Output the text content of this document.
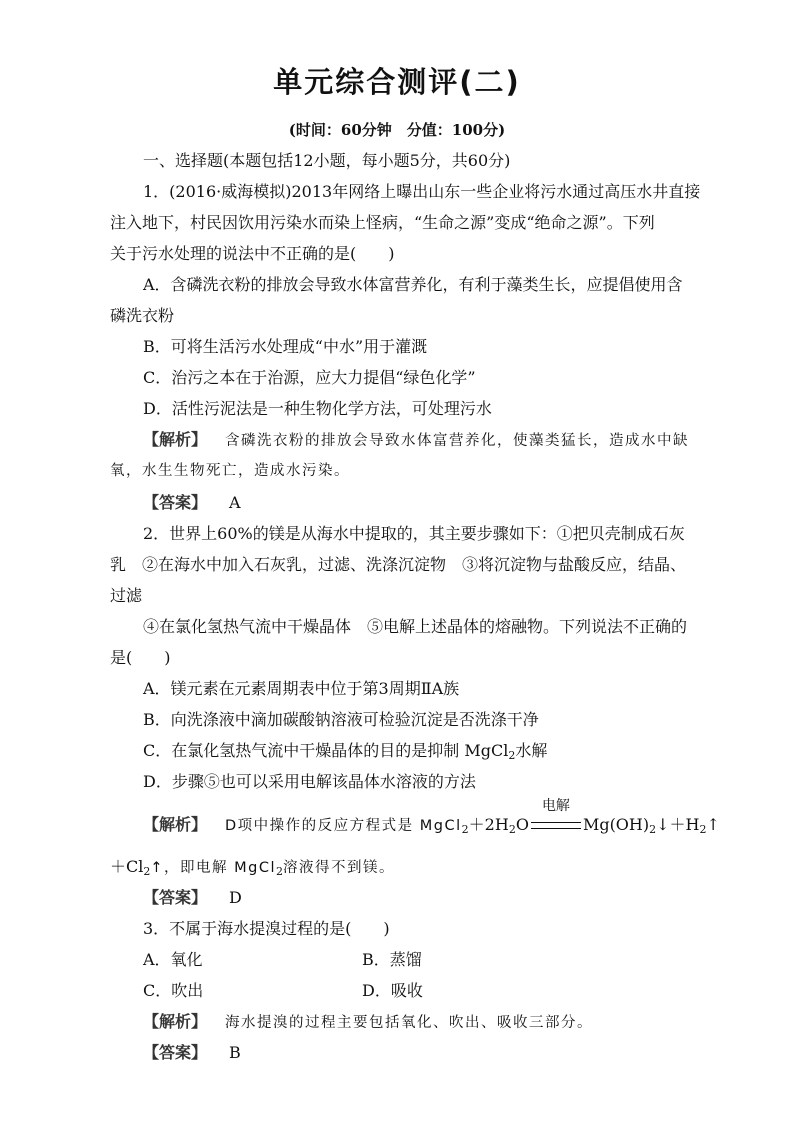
单元综合测评(二)
(时间：60分钟　分值：100分)
一、选择题(本题包括12小题，每小题5分，共60分)
1．(2016·威海模拟)2013年网络上曝出山东一些企业将污水通过高压水井直接
注入地下，村民因饮用污染水而染上怪病，“生命之源”变成“绝命之源”。下列
关于污水处理的说法中不正确的是(　　)
A．含磷洗衣粉的排放会导致水体富营养化，有利于藻类生长，应提倡使用含
磷洗衣粉
B．可将生活污水处理成“中水”用于灌溉
C．治污之本在于治源，应大力提倡“绿色化学”
D．活性污泥法是一种生物化学方法，可处理污水
【解析】 含磷洗衣粉的排放会导致水体富营养化，使藻类猛长，造成水中缺
氧，水生生物死亡，造成水污染。
【答案】 A
2．世界上60%的镁是从海水中提取的，其主要步骤如下：①把贝壳制成石灰
乳　②在海水中加入石灰乳，过滤、洗涤沉淀物　③将沉淀物与盐酸反应，结晶、
过滤
④在氯化氢热气流中干燥晶体　⑤电解上述晶体的熔融物。下列说法不正确的
是(　　)
A．镁元素在元素周期表中位于第3周期ⅡA族
B．向洗涤液中滴加碳酸钠溶液可检验沉淀是否洗涤干净
C．在氯化氢热气流中干燥晶体的目的是抑制 MgCl$_2$水解
D．步骤⑤也可以采用电解该晶体水溶液的方法
【解析】 D项中操作的反应方程式是 $MgCl_2+2H_2O$
电解
$Mg(OH)_2↓+H_2↑$
$+Cl_2↑$，即电解 MgCl$_2$溶液得不到镁。
【答案】 D
3．不属于海水提溴过程的是(　　)
A．氧化	B．蒸馏
C．吹出	D．吸收
【解析】 海水提溴的过程主要包括氧化、吹出、吸收三部分。
【答案】 B
